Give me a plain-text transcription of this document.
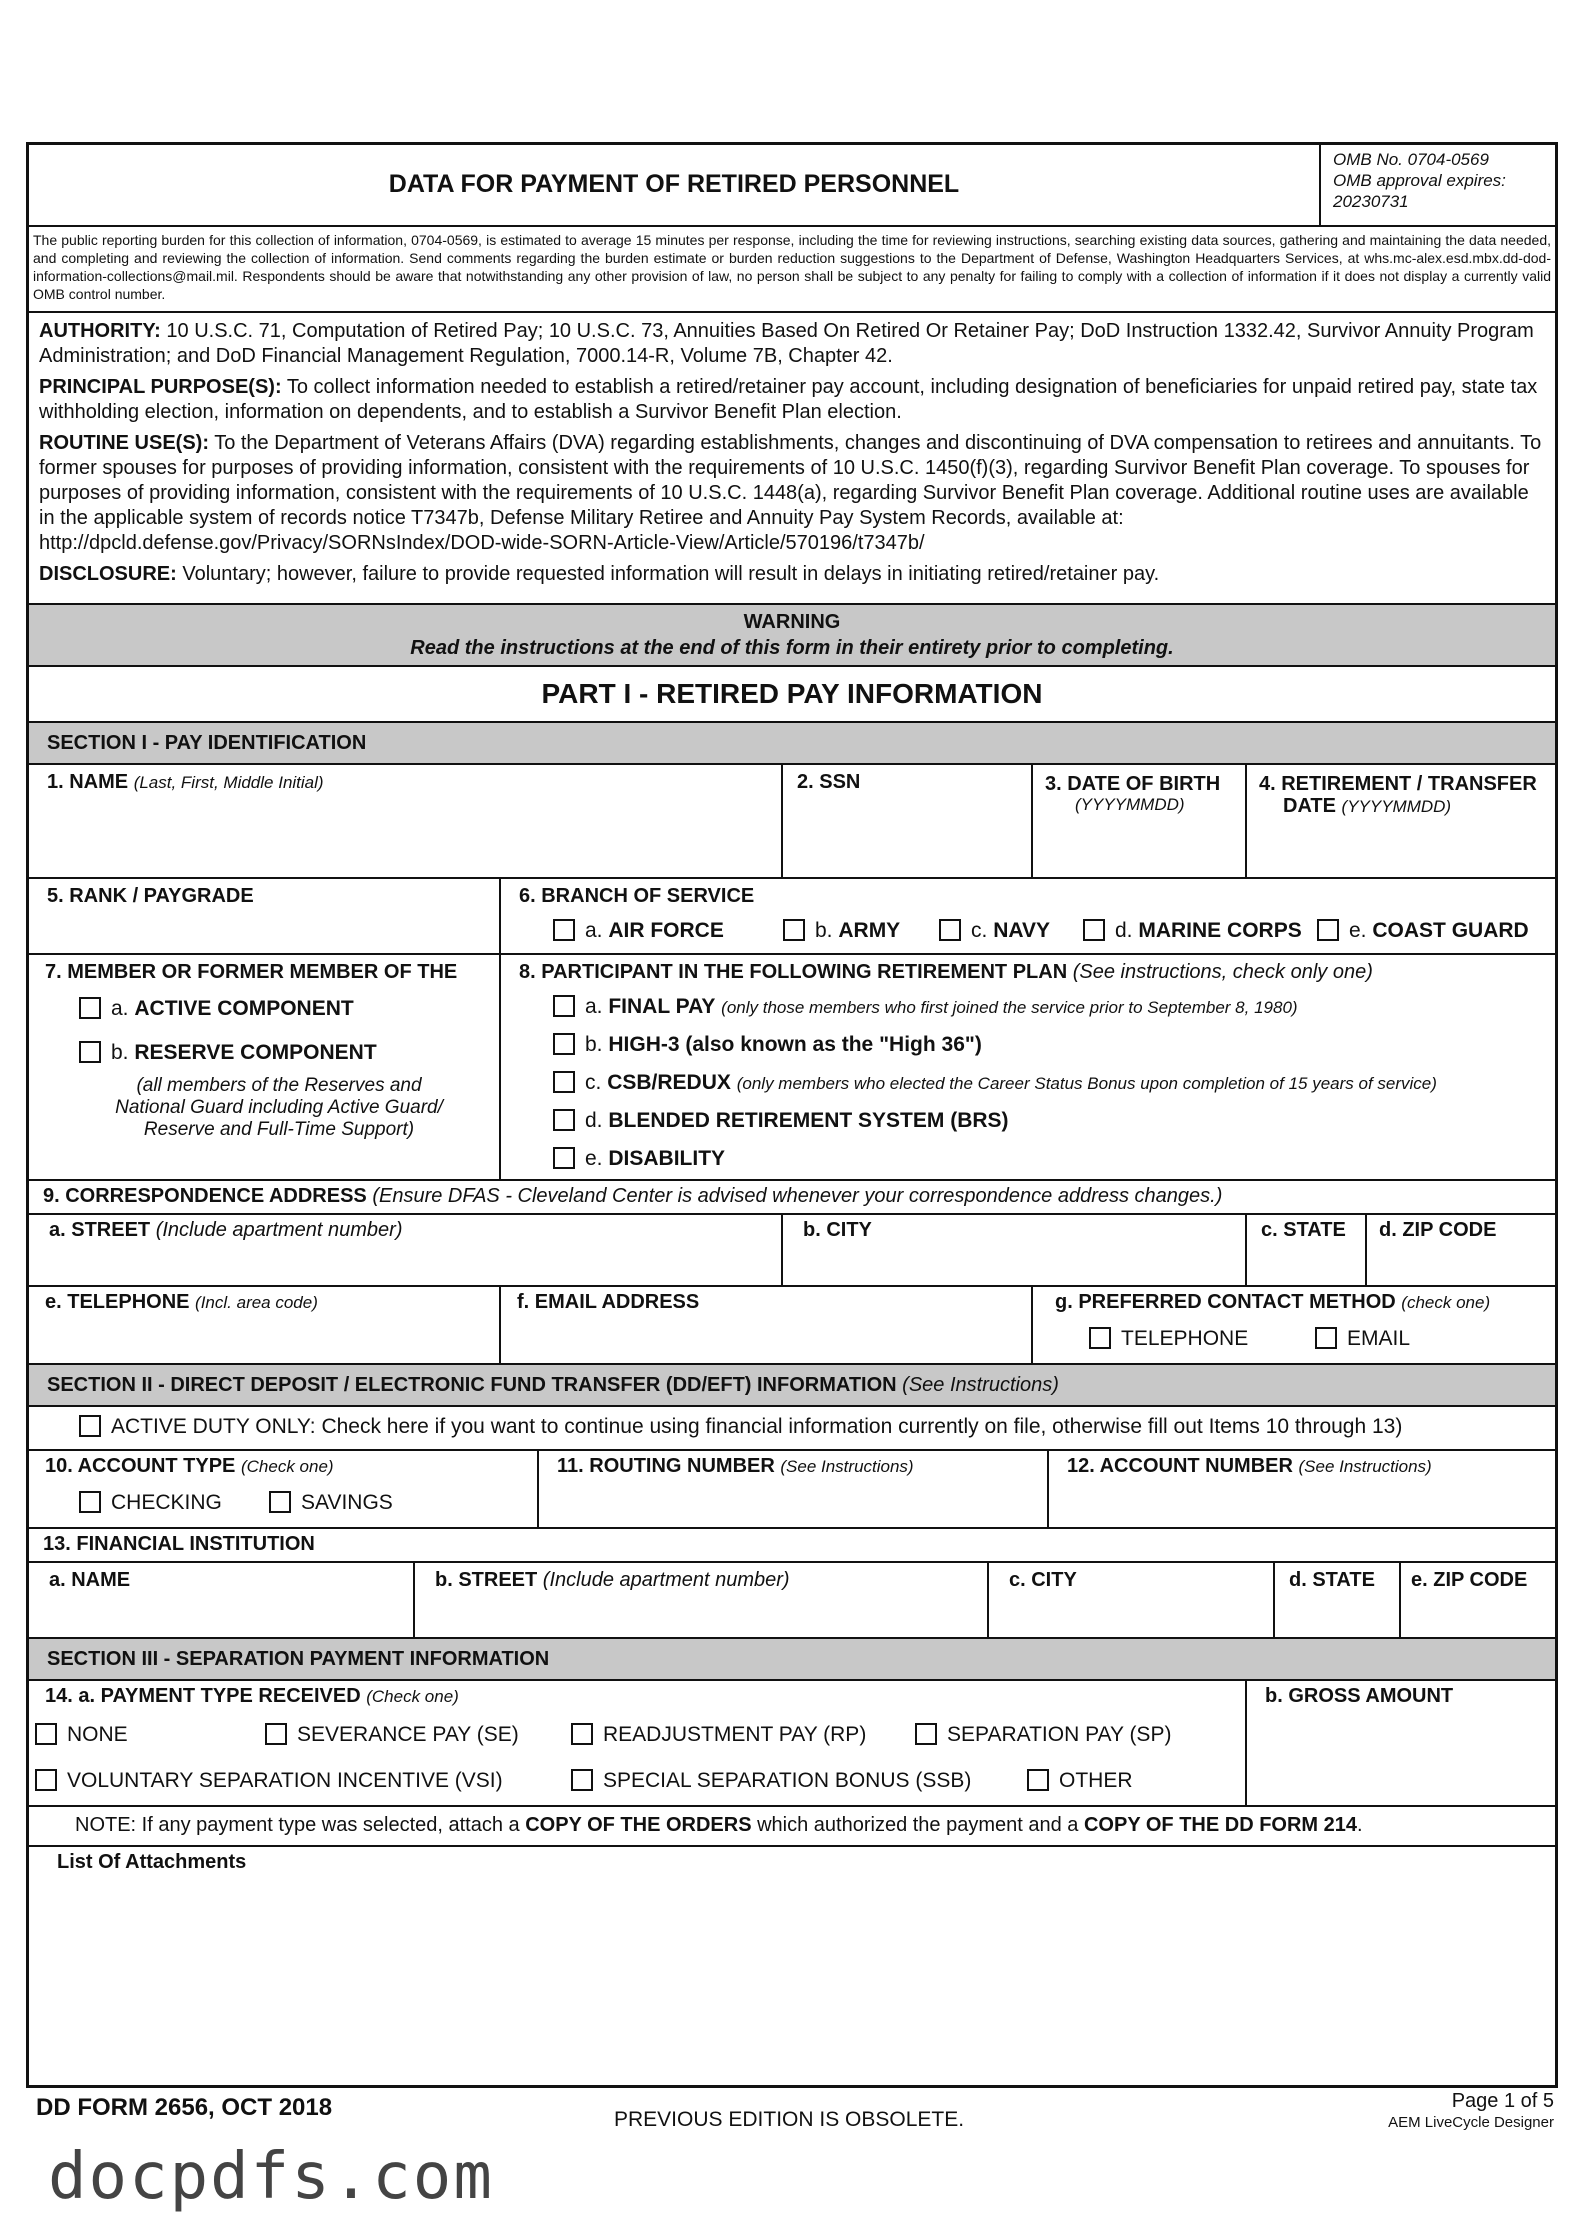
DATA FOR PAYMENT OF RETIRED PERSONNEL
OMB No. 0704-0569
OMB approval expires:
20230731
The public reporting burden for this collection of information, 0704-0569, is estimated to average 15 minutes per response, including the time for reviewing instructions, searching existing data sources, gathering and maintaining the data needed, and completing and reviewing the collection of information. Send comments regarding the burden estimate or burden reduction suggestions to the Department of Defense, Washington Headquarters Services, at whs.mc-alex.esd.mbx.dd-dod-information-collections@mail.mil. Respondents should be aware that notwithstanding any other provision of law, no person shall be subject to any penalty for failing to comply with a collection of information if it does not display a currently valid OMB control number.

AUTHORITY: 10 U.S.C. 71, Computation of Retired Pay; 10 U.S.C. 73, Annuities Based On Retired Or Retainer Pay; DoD Instruction 1332.42, Survivor Annuity Program Administration; and DoD Financial Management Regulation, 7000.14-R, Volume 7B, Chapter 42.

PRINCIPAL PURPOSE(S): To collect information needed to establish a retired/retainer pay account, including designation of beneficiaries for unpaid retired pay, state tax withholding election, information on dependents, and to establish a Survivor Benefit Plan election.

ROUTINE USE(S): To the Department of Veterans Affairs (DVA) regarding establishments, changes and discontinuing of DVA compensation to retirees and annuitants. To former spouses for purposes of providing information, consistent with the requirements of 10 U.S.C. 1450(f)(3), regarding Survivor Benefit Plan coverage. To spouses for purposes of providing information, consistent with the requirements of 10 U.S.C. 1448(a), regarding Survivor Benefit Plan coverage. Additional routine uses are available in the applicable system of records notice T7347b, Defense Military Retiree and Annuity Pay System Records, available at: http://dpcld.defense.gov/Privacy/SORNsIndex/DOD-wide-SORN-Article-View/Article/570196/t7347b/

DISCLOSURE: Voluntary; however, failure to provide requested information will result in delays in initiating retired/retainer pay.

WARNING
Read the instructions at the end of this form in their entirety prior to completing.
PART I - RETIRED PAY INFORMATION
SECTION I - PAY IDENTIFICATION
1. NAME (Last, First, Middle Initial)	2. SSN	3. DATE OF BIRTH
(YYYYMMDD)
4. RETIREMENT / TRANSFER
DATE (YYYYMMDD)
5. RANK / PAYGRADE	6. BRANCH OF SERVICE
a. AIR FORCE	b. ARMY	c. NAVY	d. MARINE CORPS	e. COAST GUARD
7. MEMBER OR FORMER MEMBER OF THE
a. ACTIVE COMPONENT
b. RESERVE COMPONENT
(all members of the Reserves and National Guard including Active Guard/ Reserve and Full-Time Support)
8. PARTICIPANT IN THE FOLLOWING RETIREMENT PLAN (See instructions, check only one)
a. FINAL PAY (only those members who first joined the service prior to September 8, 1980)
b. HIGH-3 (also known as the "High 36")
c. CSB/REDUX (only members who elected the Career Status Bonus upon completion of 15 years of service)
d. BLENDED RETIREMENT SYSTEM (BRS)
e. DISABILITY
9. CORRESPONDENCE ADDRESS (Ensure DFAS - Cleveland Center is advised whenever your correspondence address changes.)
a. STREET (Include apartment number)	b. CITY	c. STATE d. ZIP CODE
e. TELEPHONE (Incl. area code)	f. EMAIL ADDRESS	g. PREFERRED CONTACT METHOD (check one)
TELEPHONE	EMAIL
SECTION II - DIRECT DEPOSIT / ELECTRONIC FUND TRANSFER (DD/EFT) INFORMATION (See Instructions)
ACTIVE DUTY ONLY: Check here if you want to continue using financial information currently on file, otherwise fill out Items 10 through 13)
10. ACCOUNT TYPE (Check one)
CHECKING	SAVINGS
11. ROUTING NUMBER (See Instructions)	12. ACCOUNT NUMBER (See Instructions)
13. FINANCIAL INSTITUTION
a. NAME	b. STREET (Include apartment number)	c. CITY	d. STATE e. ZIP CODE
SECTION III - SEPARATION PAYMENT INFORMATION
14. a. PAYMENT TYPE RECEIVED (Check one)
NONE	SEVERANCE PAY (SE)	READJUSTMENT PAY (RP)	SEPARATION PAY (SP)
VOLUNTARY SEPARATION INCENTIVE (VSI)	SPECIAL SEPARATION BONUS (SSB)	OTHER
b. GROSS AMOUNT
NOTE: If any payment type was selected, attach a COPY OF THE ORDERS which authorized the payment and a COPY OF THE DD FORM 214.
List Of Attachments
DD FORM 2656, OCT 2018	PREVIOUS EDITION IS OBSOLETE.
Page 1 of 5
AEM LiveCycle Designer
docpdfs.com
